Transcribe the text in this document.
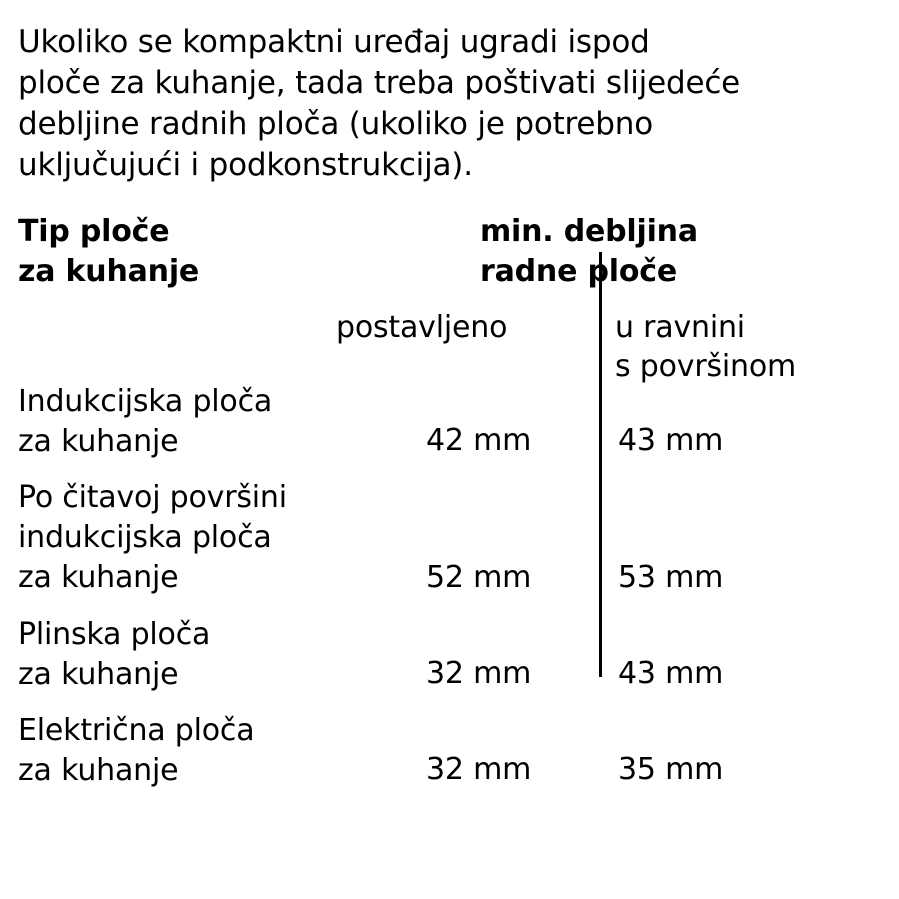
Ukoliko se kompaktni uređaj ugradi ispod
ploče za kuhanje, tada treba poštivati slijedeće
debljine radnih ploča (ukoliko je potrebno
uključujući i podkonstrukcija).

Tip ploče
za kuhanje
min. debljina
radne ploče
postavljeno	u ravnini
s površinom
Indukcijska ploča
za kuhanje	42 mm	43 mm
Po čitavoj površini
indukcijska ploča
za kuhanje	52 mm	53 mm
Plinska ploča
za kuhanje	32 mm	43 mm
Električna ploča
za kuhanje	32 mm	35 mm
